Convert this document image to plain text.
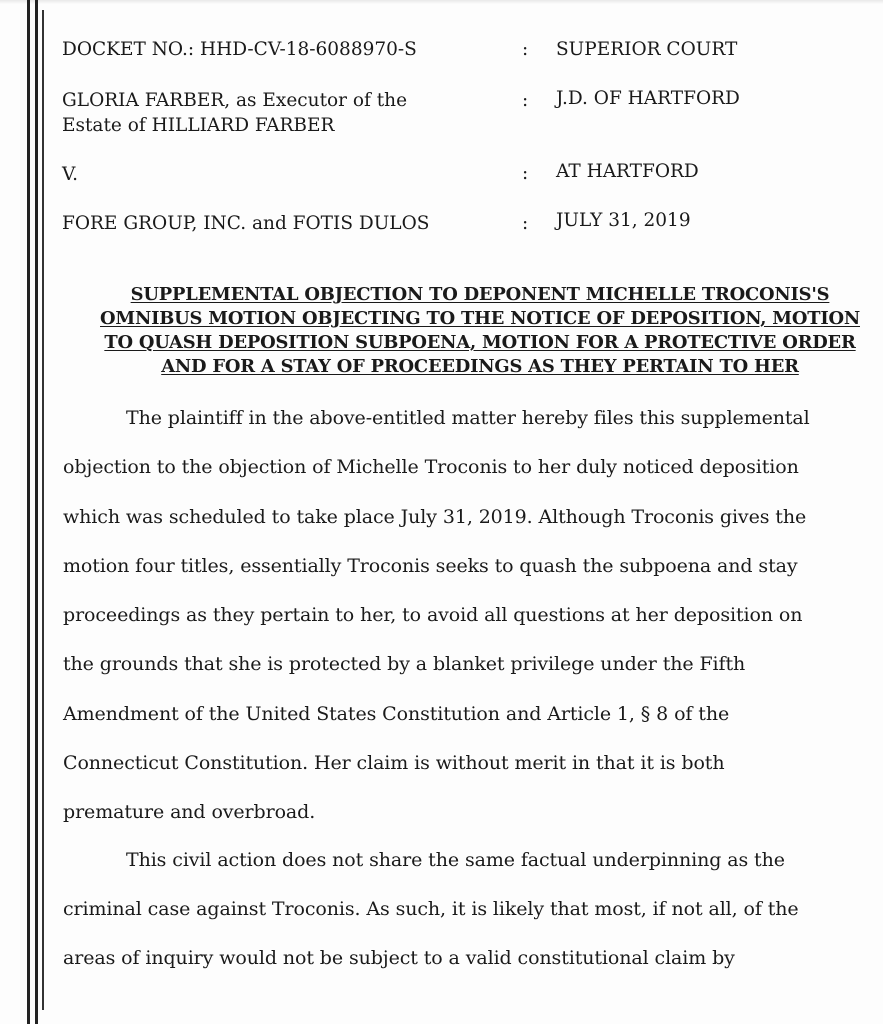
DOCKET NO.: HHD-CV-18-6088970-S	: SUPERIOR COURT
GLORIA FARBER, as Executor of the
Estate of HILLIARD FARBER
: J.D. OF HARTFORD
V.	: AT HARTFORD
FORE GROUP, INC. and FOTIS DULOS	: JULY 31, 2019
SUPPLEMENTAL OBJECTION TO DEPONENT MICHELLE TROCONIS'S
OMNIBUS MOTION OBJECTING TO THE NOTICE OF DEPOSITION, MOTION
TO QUASH DEPOSITION SUBPOENA, MOTION FOR A PROTECTIVE ORDER
AND FOR A STAY OF PROCEEDINGS AS THEY PERTAIN TO HER
The plaintiff in the above-entitled matter hereby files this supplemental
objection to the objection of Michelle Troconis to her duly noticed deposition
which was scheduled to take place July 31, 2019. Although Troconis gives the
motion four titles, essentially Troconis seeks to quash the subpoena and stay
proceedings as they pertain to her, to avoid all questions at her deposition on
the grounds that she is protected by a blanket privilege under the Fifth
Amendment of the United States Constitution and Article 1, § 8 of the
Connecticut Constitution. Her claim is without merit in that it is both
premature and overbroad.
This civil action does not share the same factual underpinning as the
criminal case against Troconis. As such, it is likely that most, if not all, of the
areas of inquiry would not be subject to a valid constitutional claim by
